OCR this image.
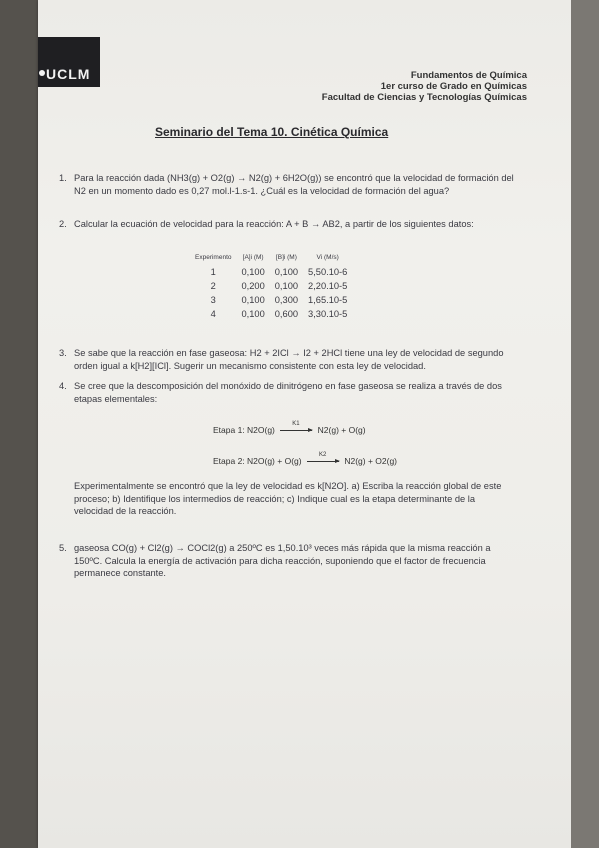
UCLM	Fundamentos de Química
1er curso de Grado en Químicas
Facultad de Ciencias y Tecnologías Químicas
Seminario del Tema 10. Cinética Química
1. Para la reacción dada (NH3(g) + O2(g) → N2(g) + 6H2O(g)) se encontró que la velocidad de formación del N2 en un momento dado es 0,27 mol.l-1.s-1. ¿Cuál es la velocidad de formación del agua?
2. Calcular la ecuación de velocidad para la reacción: A + B → AB2, a partir de los siguientes datos:
Experimento	[A]i (M)	[B]i (M)	Vi (M/s)
1	0,100	0,100	5,50.10-6
2	0,200	0,100	2,20.10-5
3	0,100	0,300	1,65.10-5
4	0,100	0,600	3,30.10-5
3. Se sabe que la reacción en fase gaseosa: H2 + 2ICl → I2 + 2HCl tiene una ley de velocidad de segundo orden igual a k[H2][ICl]. Sugerir un mecanismo consistente con esta ley de velocidad.
4. Se cree que la descomposición del monóxido de dinitrógeno en fase gaseosa se realiza a través de dos etapas elementales:
Etapa 1: N2O(g)
K1
N2(g) + O(g)
Etapa 2: N2O(g) + O(g)
K2
N2(g) + O2(g)
Experimentalmente se encontró que la ley de velocidad es k[N2O]. a) Escriba la reacción global de este proceso; b) Identifique los intermedios de reacción; c) Indique cual es la etapa determinante de la velocidad de la reacción.
5. gaseosa CO(g) + Cl2(g) → COCl2(g) a 250ºC es 1,50.10³ veces más rápida que la misma reacción a 150ºC. Calcula la energía de activación para dicha reacción, suponiendo que el factor de frecuencia permanece constante.
